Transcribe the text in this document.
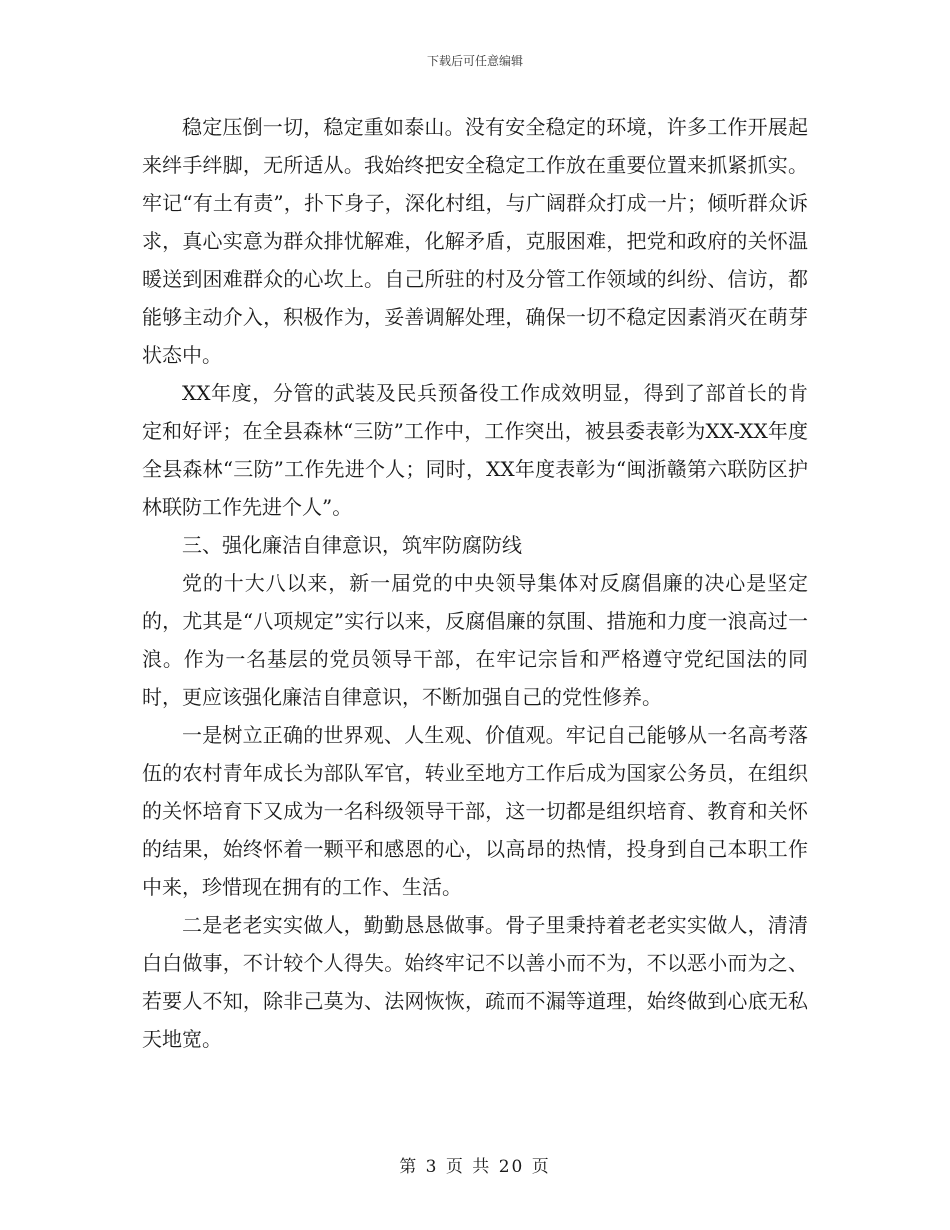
下载后可任意编辑

稳定压倒一切，稳定重如泰山。没有安全稳定的环境，许多工作开展起来绊手绊脚，无所适从。我始终把安全稳定工作放在重要位置来抓紧抓实。牢记“有土有责”，扑下身子，深化村组，与广阔群众打成一片；倾听群众诉求，真心实意为群众排忧解难，化解矛盾，克服困难，把党和政府的关怀温暖送到困难群众的心坎上。自己所驻的村及分管工作领域的纠纷、信访，都能够主动介入，积极作为，妥善调解处理，确保一切不稳定因素消灭在萌芽状态中。

XX年度，分管的武装及民兵预备役工作成效明显，得到了部首长的肯定和好评；在全县森林“三防”工作中，工作突出，被县委表彰为XX-XX年度全县森林“三防”工作先进个人；同时，XX年度表彰为“闽浙赣第六联防区护林联防工作先进个人”。

三、强化廉洁自律意识，筑牢防腐防线

党的十大八以来，新一届党的中央领导集体对反腐倡廉的决心是坚定的，尤其是“八项规定”实行以来，反腐倡廉的氛围、措施和力度一浪高过一浪。作为一名基层的党员领导干部，在牢记宗旨和严格遵守党纪国法的同时，更应该强化廉洁自律意识，不断加强自己的党性修养。

一是树立正确的世界观、人生观、价值观。牢记自己能够从一名高考落伍的农村青年成长为部队军官，转业至地方工作后成为国家公务员，在组织的关怀培育下又成为一名科级领导干部，这一切都是组织培育、教育和关怀的结果，始终怀着一颗平和感恩的心，以高昂的热情，投身到自己本职工作中来，珍惜现在拥有的工作、生活。

二是老老实实做人，勤勤恳恳做事。骨子里秉持着老老实实做人，清清白白做事，不计较个人得失。始终牢记不以善小而不为，不以恶小而为之、若要人不知，除非己莫为、法网恢恢，疏而不漏等道理，始终做到心底无私天地宽。

第 3 页 共 20 页
